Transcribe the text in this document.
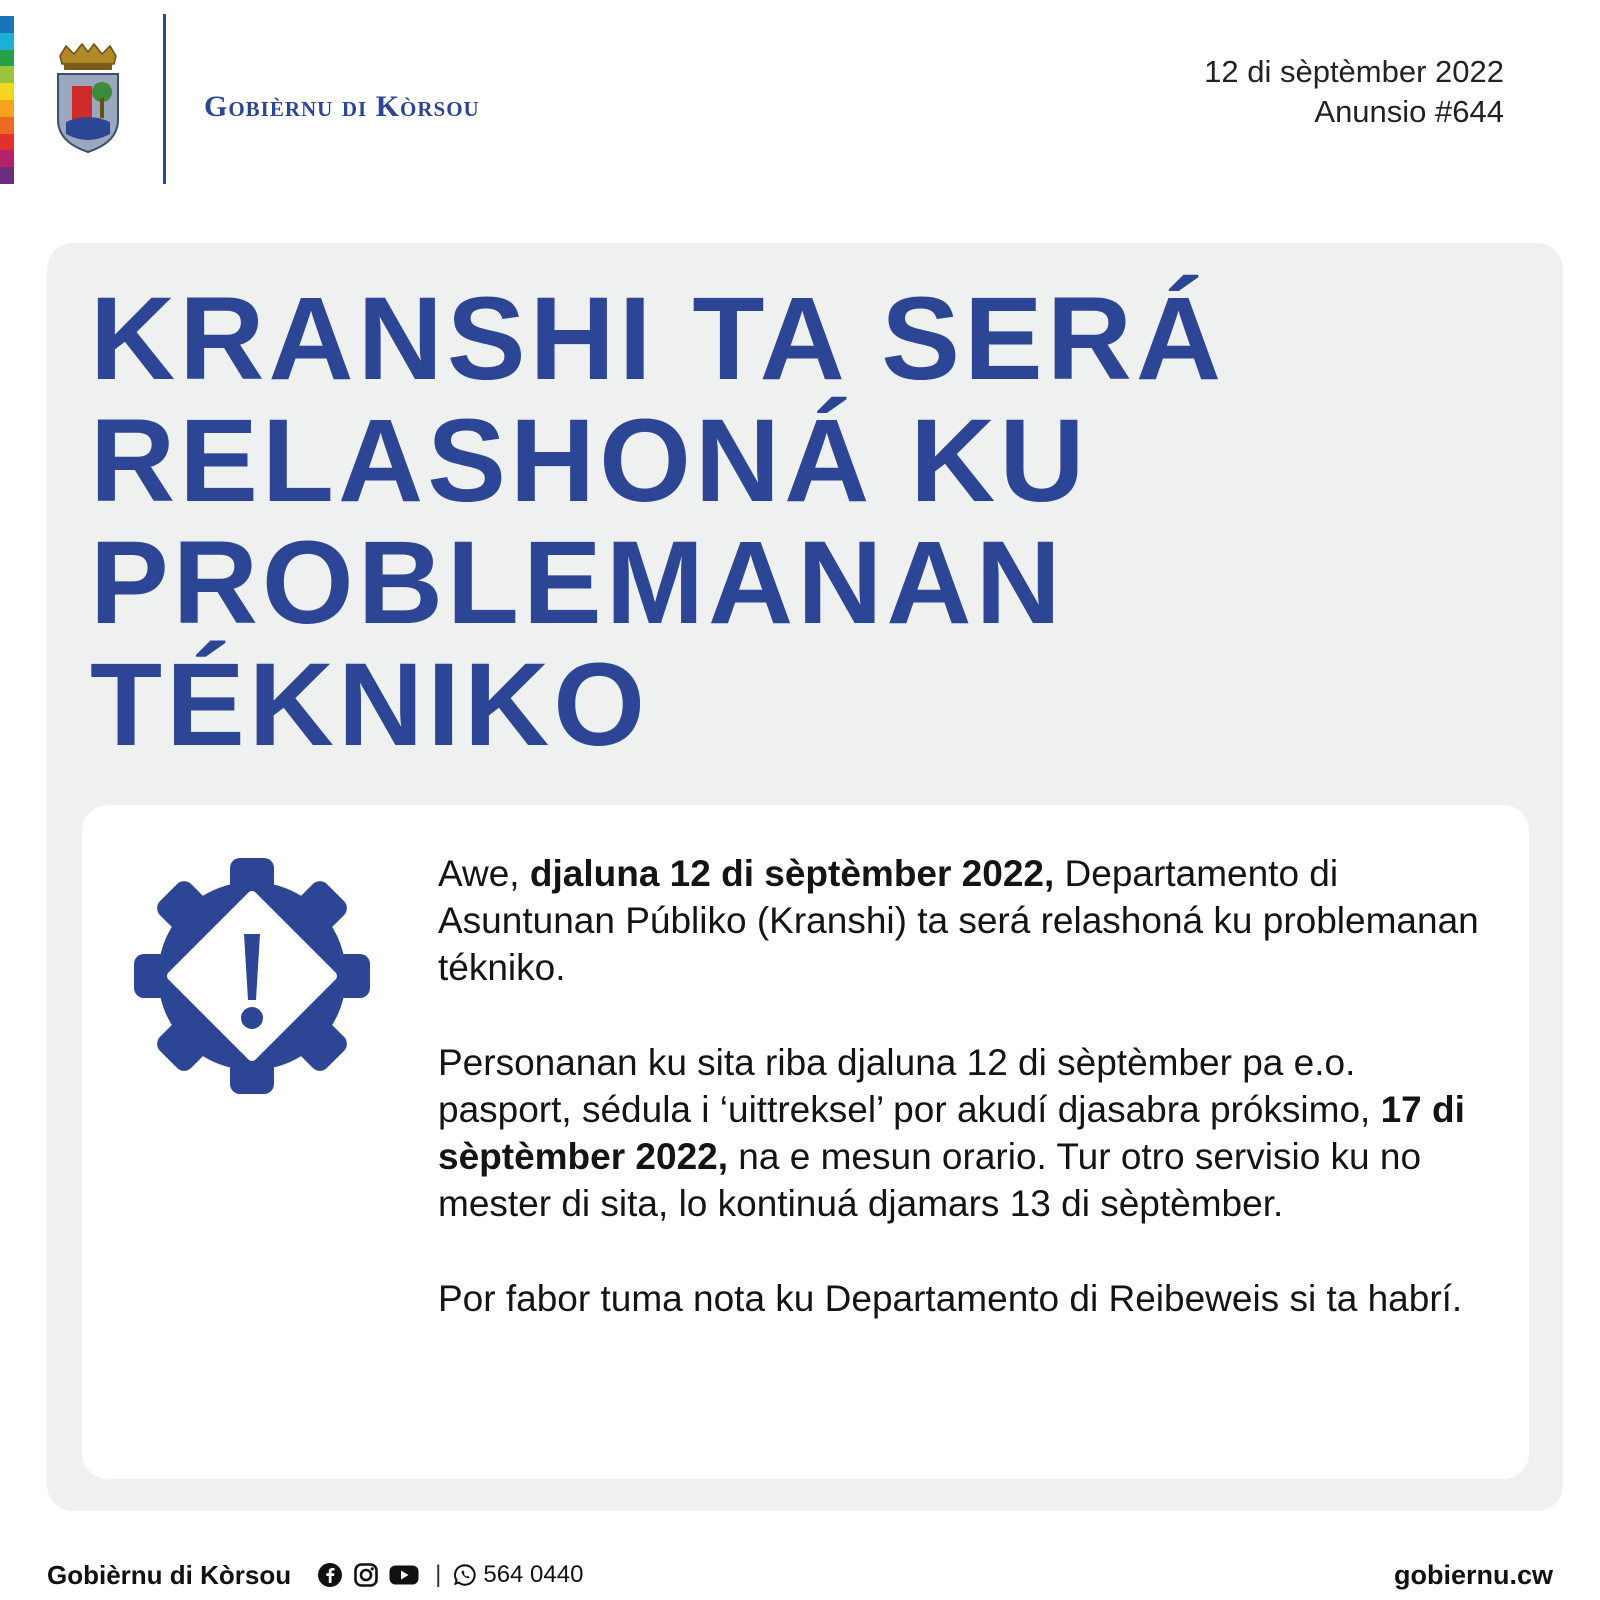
Gobièrnu di Kòrsou
12 di sèptèmber 2022
Anunsio #644
KRANSHI TA SERÁ RELASHONÁ KU PROBLEMANAN TÉKNIKO

Awe, djaluna 12 di sèptèmber 2022, Departamento di Asuntunan Públiko (Kranshi) ta será relashoná ku problemanan tékniko.

Personanan ku sita riba djaluna 12 di sèptèmber pa e.o. pasport, sédula i ‘uittreksel’ por akudí djasabra próksimo, 17 di sèptèmber 2022, na e mesun orario. Tur otro servisio ku no mester di sita, lo kontinuá djamars 13 di sèptèmber.

Por fabor tuma nota ku Departamento di Reibeweis si ta habrí.

Gobièrnu di Kòrsou	| 564 0440	gobiernu.cw
